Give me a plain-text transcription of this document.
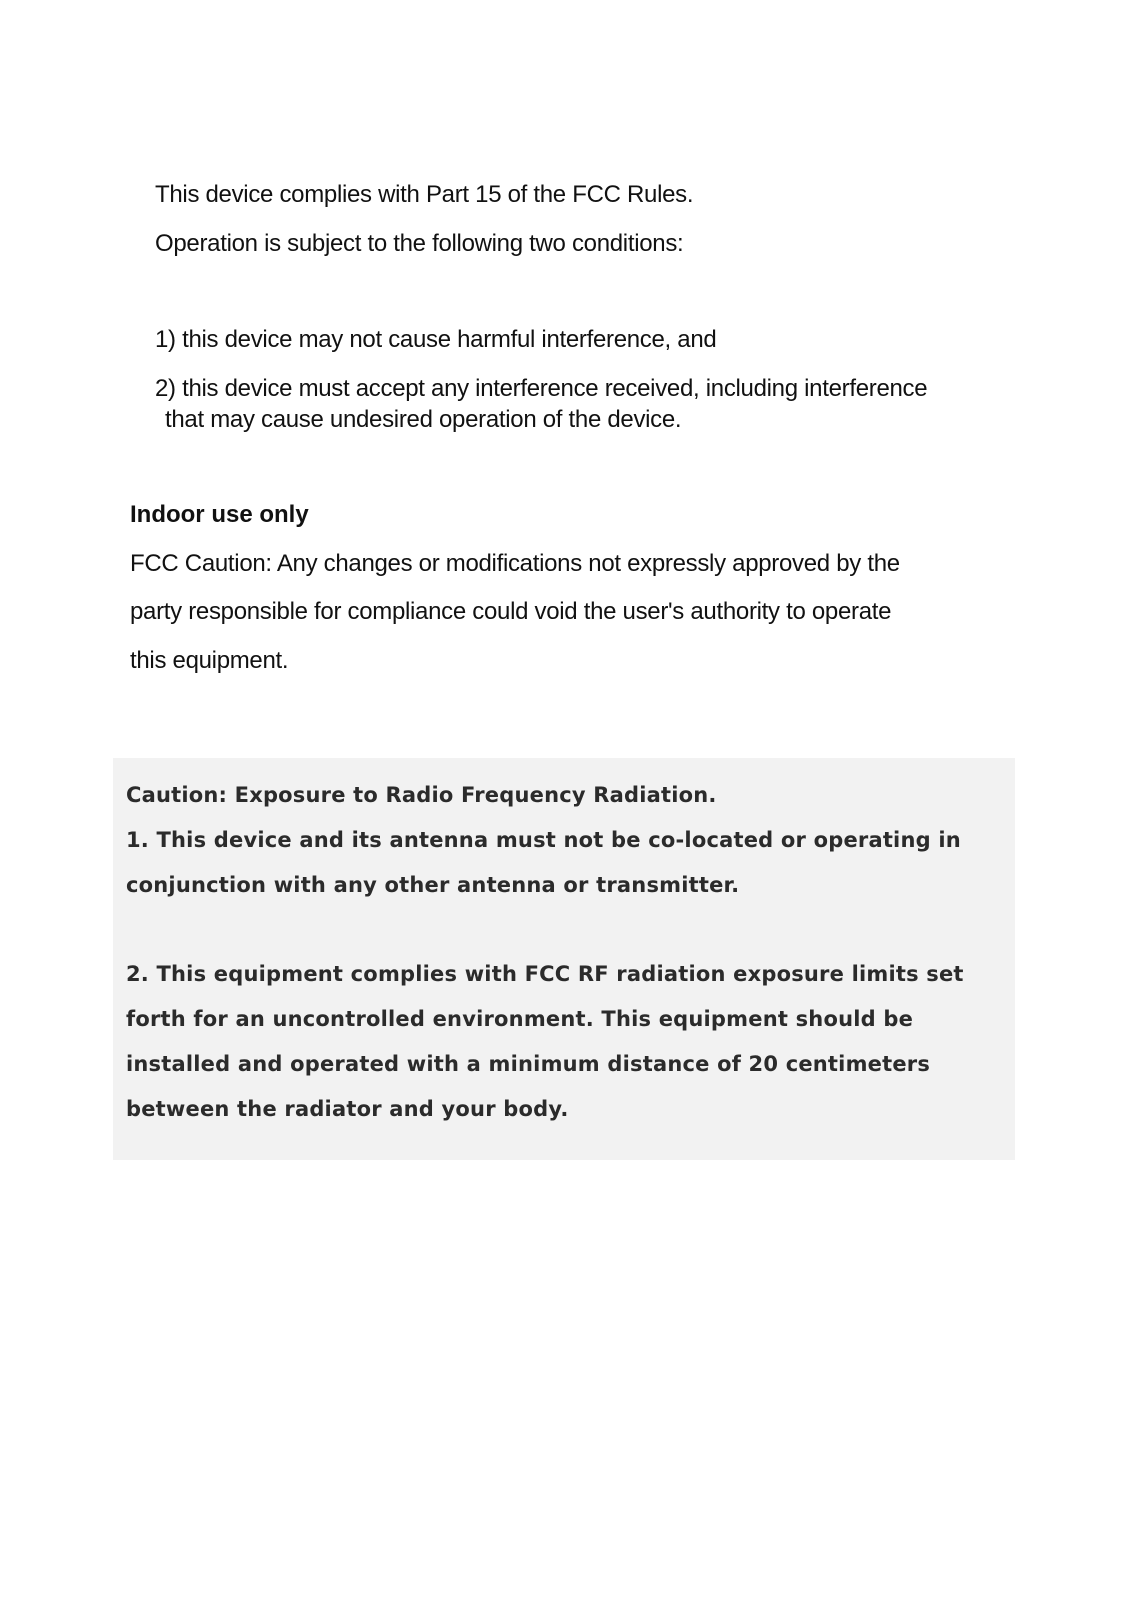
This device complies with Part 15 of the FCC Rules.
Operation is subject to the following two conditions:
1) this device may not cause harmful interference, and
2) this device must accept any interference received, including interference
that may cause undesired operation of the device.
Indoor use only
FCC Caution: Any changes or modifications not expressly approved by the
party responsible for compliance could void the user's authority to operate
this equipment.
Caution: Exposure to Radio Frequency Radiation.
1. This device and its antenna must not be co-located or operating in
conjunction with any other antenna or transmitter.
2. This equipment complies with FCC RF radiation exposure limits set
forth for an uncontrolled environment. This equipment should be
installed and operated with a minimum distance of 20 centimeters
between the radiator and your body.
